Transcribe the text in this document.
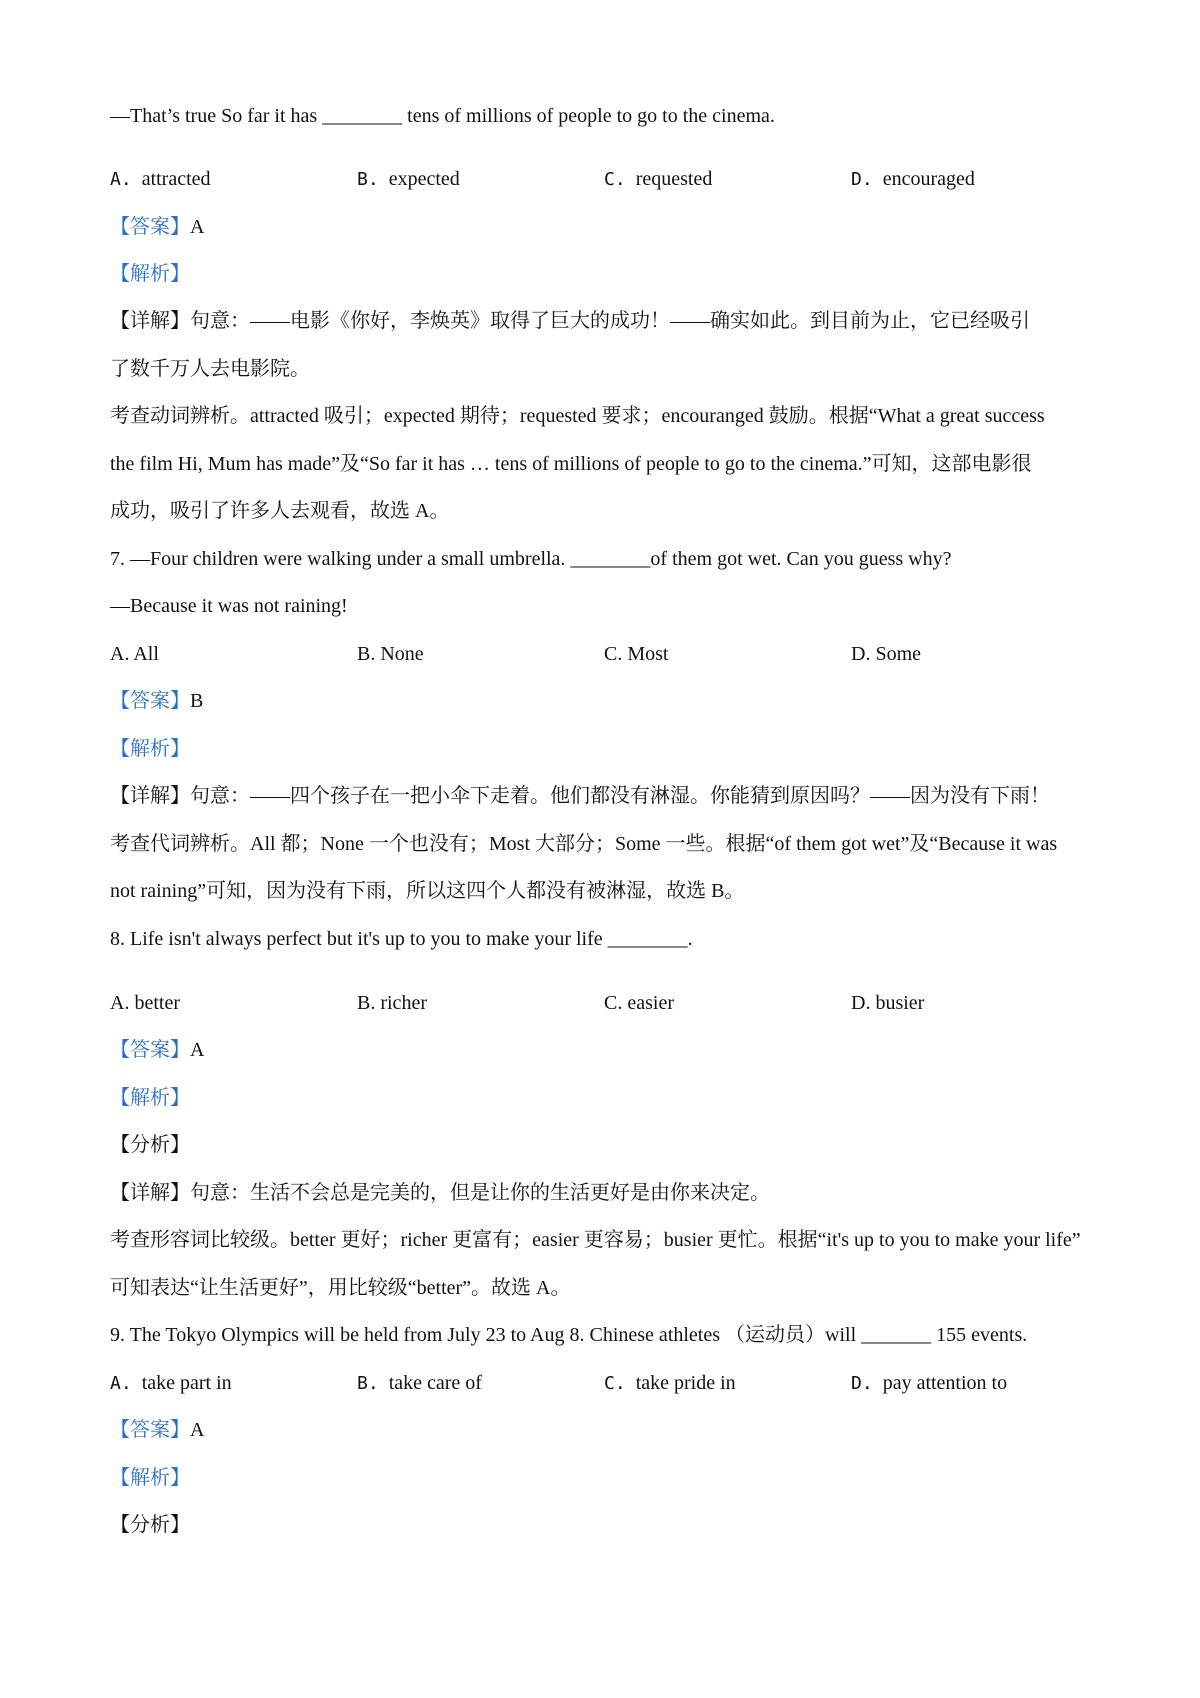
—That’s true So far it has ________ tens of millions of people to go to the cinema.
A. attracted	B. expected	C. requested	D. encouraged
【答案】A
【解析】
【详解】句意：——电影《你好，李焕英》取得了巨大的成功！——确实如此。到目前为止，它已经吸引
了数千万人去电影院。
考查动词辨析。attracted 吸引；expected 期待；requested 要求；encouranged 鼓励。根据“What a great success
the film Hi, Mum has made”及“So far it has … tens of millions of people to go to the cinema.”可知，这部电影很
成功，吸引了许多人去观看，故选 A。
7. —Four children were walking under a small umbrella. ________of them got wet. Can you guess why?
—Because it was not raining!
A. All	B. None	C. Most	D. Some
【答案】B
【解析】
【详解】句意：——四个孩子在一把小伞下走着。他们都没有淋湿。你能猜到原因吗？——因为没有下雨！
考查代词辨析。All 都；None 一个也没有；Most 大部分；Some 一些。根据“of them got wet”及“Because it was
not raining”可知，因为没有下雨，所以这四个人都没有被淋湿，故选 B。
8. Life isn't always perfect but it's up to you to make your life ________.
A. better	B. richer	C. easier	D. busier
【答案】A
【解析】
【分析】
【详解】句意：生活不会总是完美的，但是让你的生活更好是由你来决定。
考查形容词比较级。better 更好；richer 更富有；easier 更容易；busier 更忙。根据“it's up to you to make your life”
可知表达“让生活更好”，用比较级“better”。故选 A。
9. The Tokyo Olympics will be held from July 23 to Aug 8. Chinese athletes （运动员）will _______ 155 events.
A. take part in	B. take care of	C. take pride in	D. pay attention to
【答案】A
【解析】
【分析】
